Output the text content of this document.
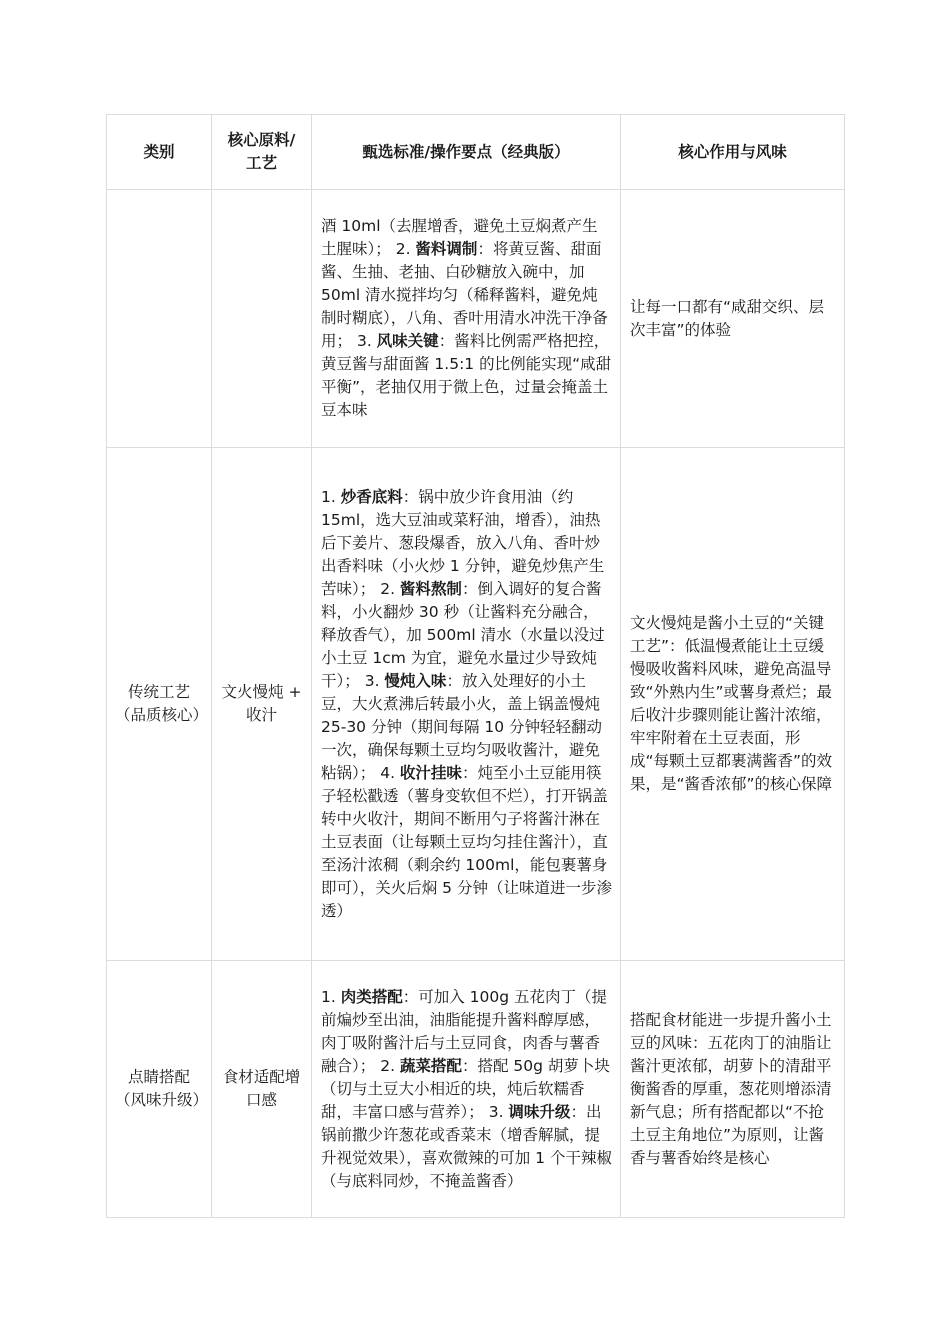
类别	核心原料/工艺	甄选标准/操作要点（经典版）	核心作用与风味
		酒 10ml（去腥增香，避免土豆焖煮产生土腥味）； 2. 酱料调制：将黄豆酱、甜面酱、生抽、老抽、白砂糖放入碗中，加 50ml 清水搅拌均匀（稀释酱料，避免炖制时糊底），八角、香叶用清水冲洗干净备用； 3. 风味关键：酱料比例需严格把控，黄豆酱与甜面酱 1.5:1 的比例能实现“咸甜平衡”，老抽仅用于微上色，过量会掩盖土豆本味	让每一口都有“咸甜交织、层次丰富”的体验
传统工艺（品质核心）	文火慢炖 + 收汁	1. 炒香底料：锅中放少许食用油（约 15ml，选大豆油或菜籽油，增香），油热后下姜片、葱段爆香，放入八角、香叶炒出香料味（小火炒 1 分钟，避免炒焦产生苦味）； 2. 酱料熬制：倒入调好的复合酱料，小火翻炒 30 秒（让酱料充分融合，释放香气），加 500ml 清水（水量以没过小土豆 1cm 为宜，避免水量过少导致炖干）； 3. 慢炖入味：放入处理好的小土豆，大火煮沸后转最小火，盖上锅盖慢炖 25-30 分钟（期间每隔 10 分钟轻轻翻动一次，确保每颗土豆均匀吸收酱汁，避免粘锅）； 4. 收汁挂味：炖至小土豆能用筷子轻松戳透（薯身变软但不烂），打开锅盖转中火收汁，期间不断用勺子将酱汁淋在土豆表面（让每颗土豆均匀挂住酱汁），直至汤汁浓稠（剩余约 100ml，能包裹薯身即可），关火后焖 5 分钟（让味道进一步渗透）	文火慢炖是酱小土豆的“关键工艺”：低温慢煮能让土豆缓慢吸收酱料风味，避免高温导致“外熟内生”或薯身煮烂；最后收汁步骤则能让酱汁浓缩，牢牢附着在土豆表面，形成“每颗土豆都裹满酱香”的效果，是“酱香浓郁”的核心保障
点睛搭配（风味升级）	食材适配增口感	1. 肉类搭配：可加入 100g 五花肉丁（提前煸炒至出油，油脂能提升酱料醇厚感，肉丁吸附酱汁后与土豆同食，肉香与薯香融合）； 2. 蔬菜搭配：搭配 50g 胡萝卜块（切与土豆大小相近的块，炖后软糯香甜，丰富口感与营养）； 3. 调味升级：出锅前撒少许葱花或香菜末（增香解腻，提升视觉效果），喜欢微辣的可加 1 个干辣椒（与底料同炒，不掩盖酱香）	搭配食材能进一步提升酱小土豆的风味：五花肉丁的油脂让酱汁更浓郁，胡萝卜的清甜平衡酱香的厚重，葱花则增添清新气息；所有搭配都以“不抢土豆主角地位”为原则，让酱香与薯香始终是核心
